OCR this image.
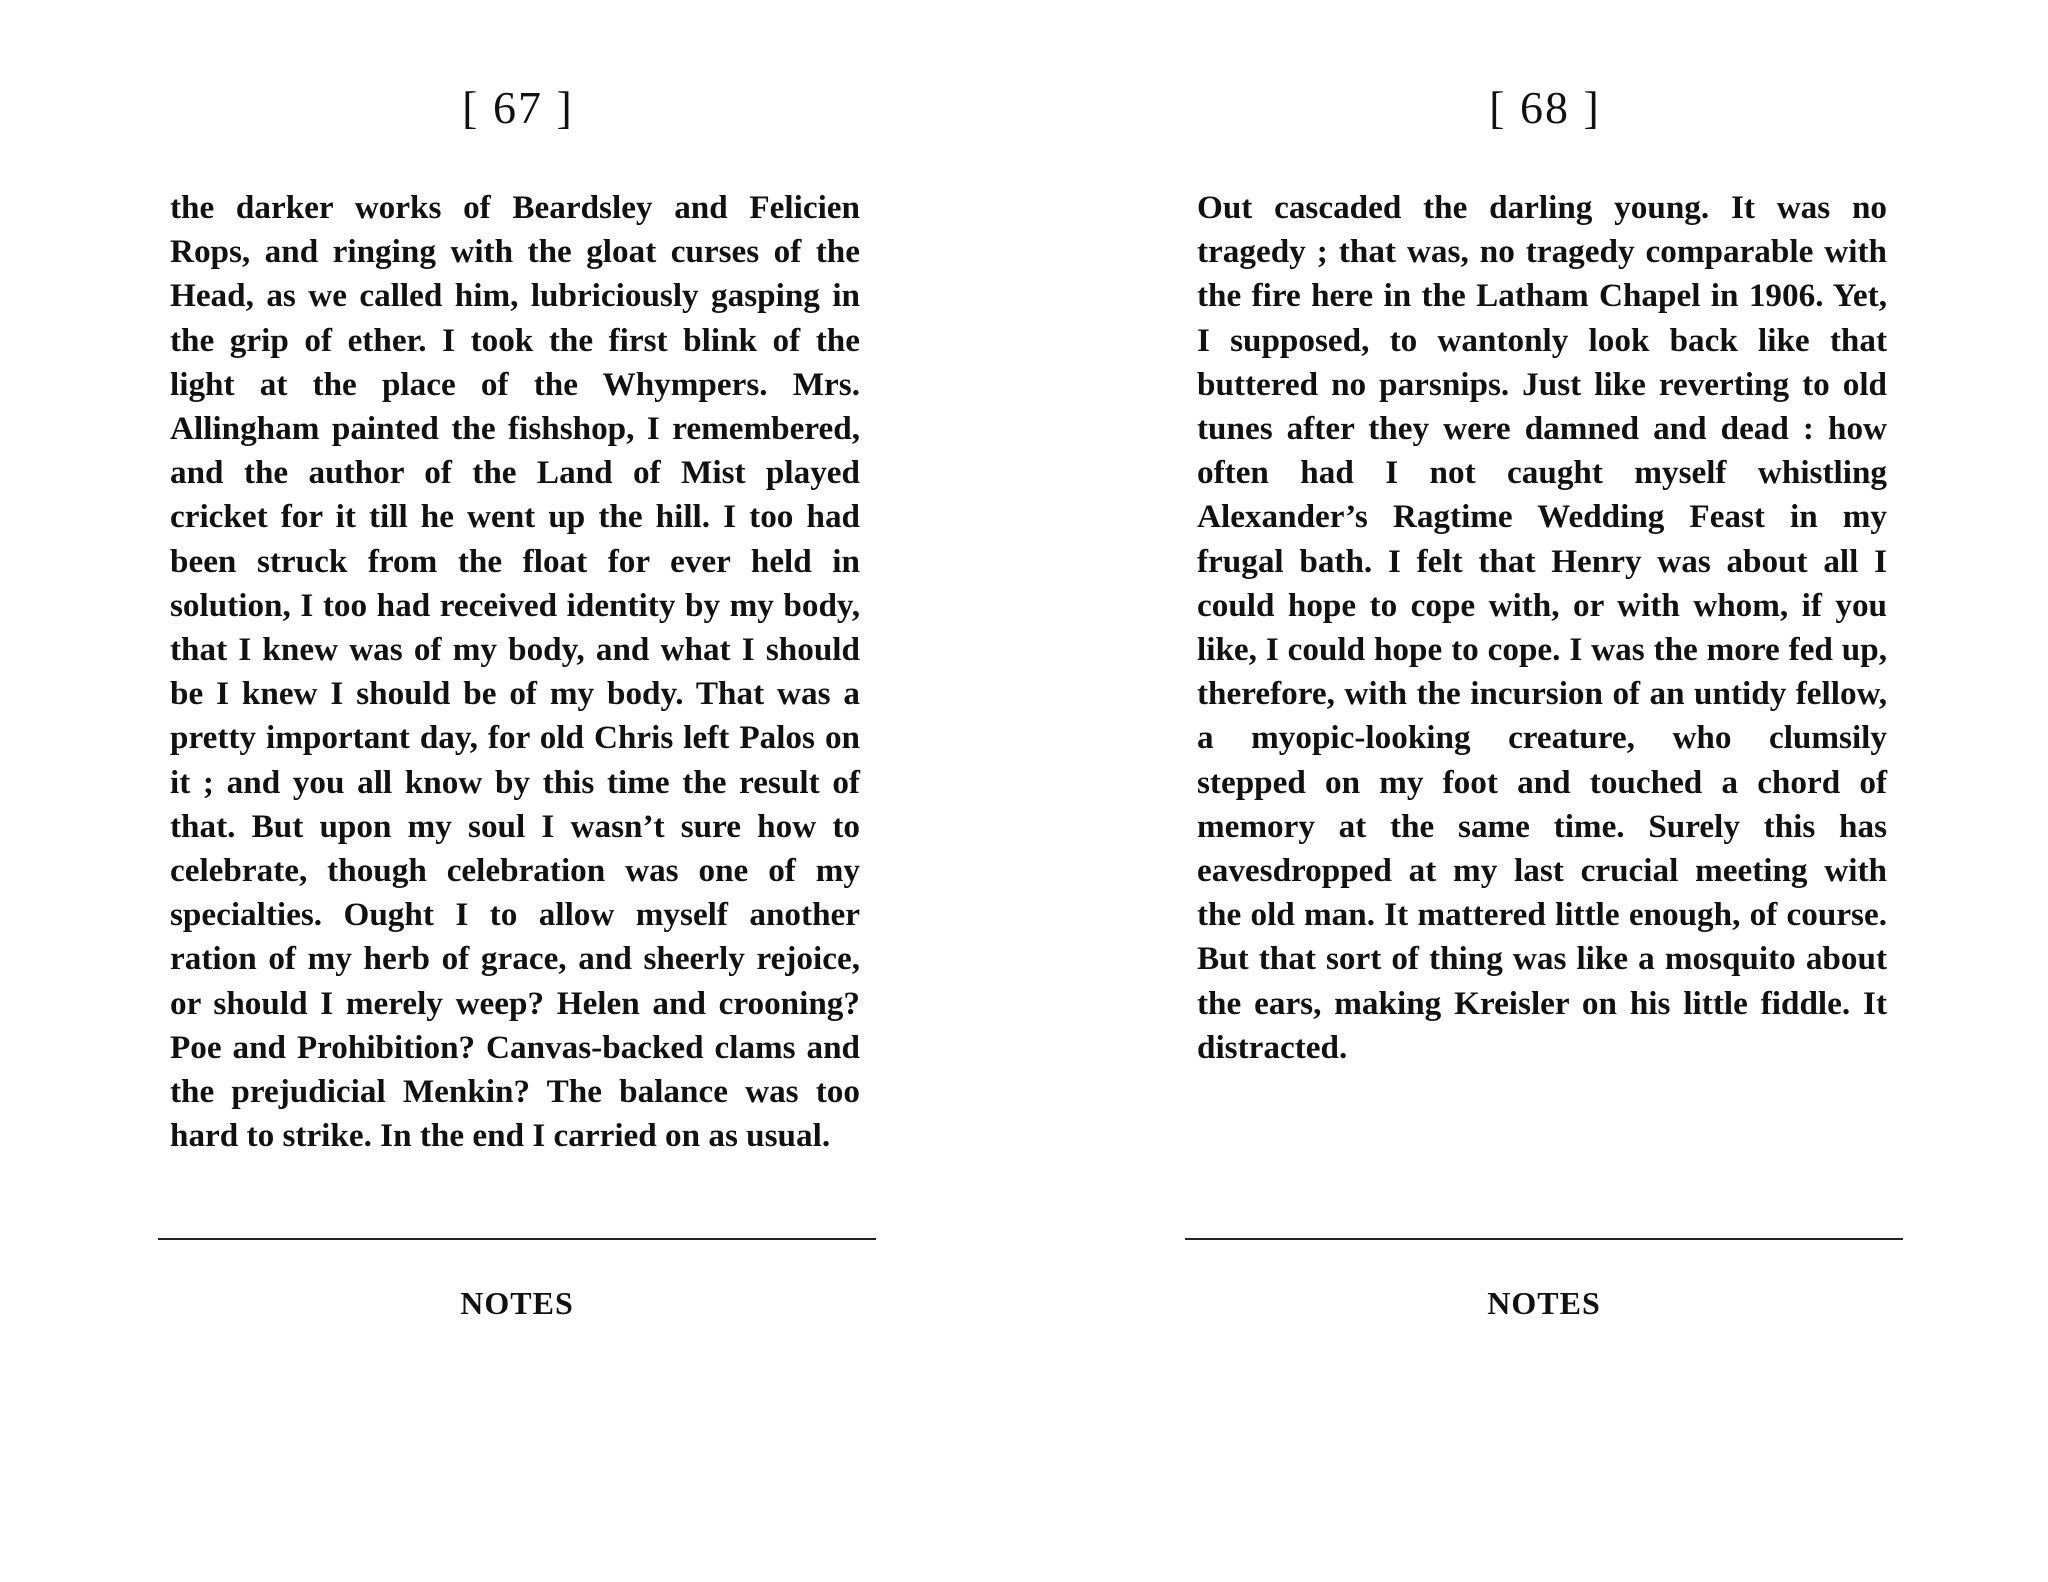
[ 67 ]

the darker works of Beardsley and Felicien Rops, and ringing with the gloat curses of the Head, as we called him, lubriciously gasping in the grip of ether. I took the first blink of the light at the place of the Whympers. Mrs. Allingham painted the fishshop, I remembered, and the author of the Land of Mist played cricket for it till he went up the hill. I too had been struck from the float for ever held in solution, I too had received identity by my body, that I knew was of my body, and what I should be I knew I should be of my body. That was a pretty important day, for old Chris left Palos on it ; and you all know by this time the result of that. But upon my soul I wasn’t sure how to celebrate, though celebration was one of my specialties. Ought I to allow myself another ration of my herb of grace, and sheerly rejoice, or should I merely weep? Helen and crooning? Poe and Prohibition? Canvas-backed clams and the prejudicial Menkin? The balance was too hard to strike. In the end I carried on as usual.

NOTES
[ 68 ]

Out cascaded the darling young. It was no tragedy ; that was, no tragedy comparable with the fire here in the Latham Chapel in 1906. Yet, I supposed, to wantonly look back like that buttered no parsnips. Just like reverting to old tunes after they were damned and dead : how often had I not caught myself whistling Alexander’s Ragtime Wedding Feast in my frugal bath. I felt that Henry was about all I could hope to cope with, or with whom, if you like, I could hope to cope. I was the more fed up, therefore, with the incursion of an untidy fellow, a myopic-looking creature, who clumsily stepped on my foot and touched a chord of memory at the same time. Surely this has eavesdropped at my last crucial meeting with the old man. It mattered little enough, of course. But that sort of thing was like a mosquito about the ears, making Kreisler on his little fiddle. It distracted.

NOTES
